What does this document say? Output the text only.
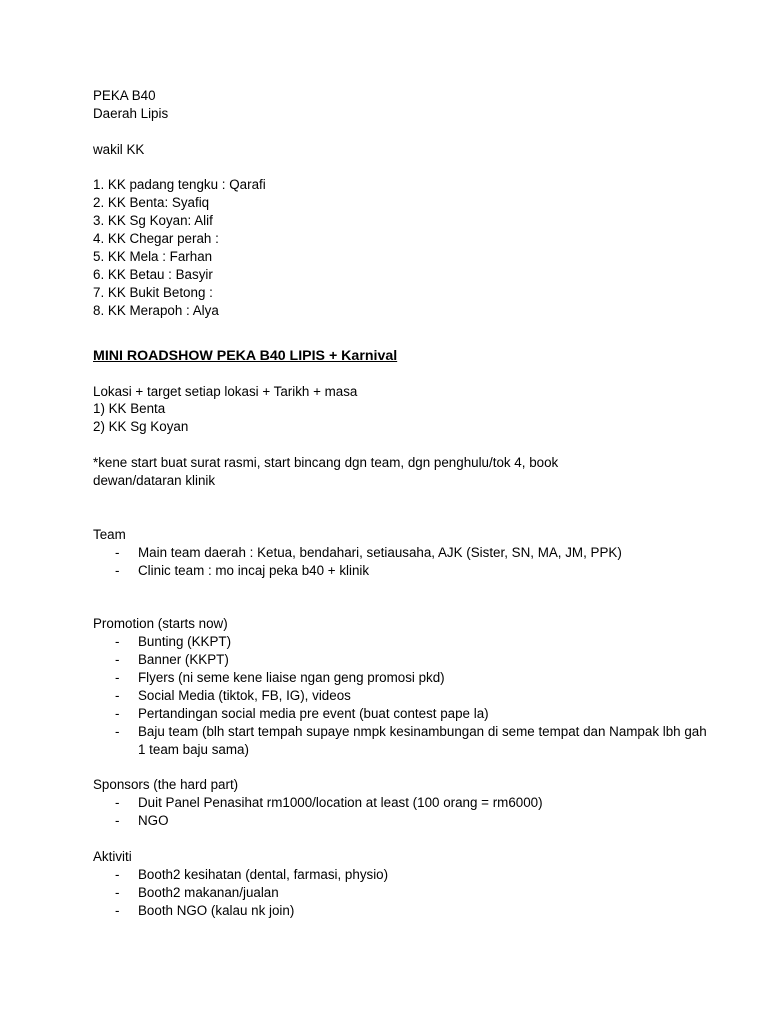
PEKA B40
Daerah Lipis
wakil KK
1. KK padang tengku : Qarafi
2. KK Benta: Syafiq
3. KK Sg Koyan: Alif
4. KK Chegar perah :
5. KK Mela : Farhan
6. KK Betau : Basyir
7. KK Bukit Betong :
8. KK Merapoh : Alya
MINI ROADSHOW PEKA B40 LIPIS + Karnival
Lokasi + target setiap lokasi + Tarikh + masa
1) KK Benta
2) KK Sg Koyan
*kene start buat surat rasmi, start bincang dgn team, dgn penghulu/tok 4, book dewan/dataran klinik
Team
-	Main team daerah : Ketua, bendahari, setiausaha, AJK (Sister, SN, MA, JM, PPK)
-	Clinic team : mo incaj peka b40 + klinik
Promotion (starts now)
-	Bunting (KKPT)
-	Banner (KKPT)
-	Flyers (ni seme kene liaise ngan geng promosi pkd)
-	Social Media (tiktok, FB, IG), videos
-	Pertandingan social media pre event (buat contest pape la)
-	Baju team (blh start tempah supaye nmpk kesinambungan di seme tempat dan Nampak lbh gah 1 team baju sama)
Sponsors (the hard part)
-	Duit Panel Penasihat rm1000/location at least (100 orang = rm6000)
-	NGO
Aktiviti
-	Booth2 kesihatan (dental, farmasi, physio)
-	Booth2 makanan/jualan
-	Booth NGO (kalau nk join)
